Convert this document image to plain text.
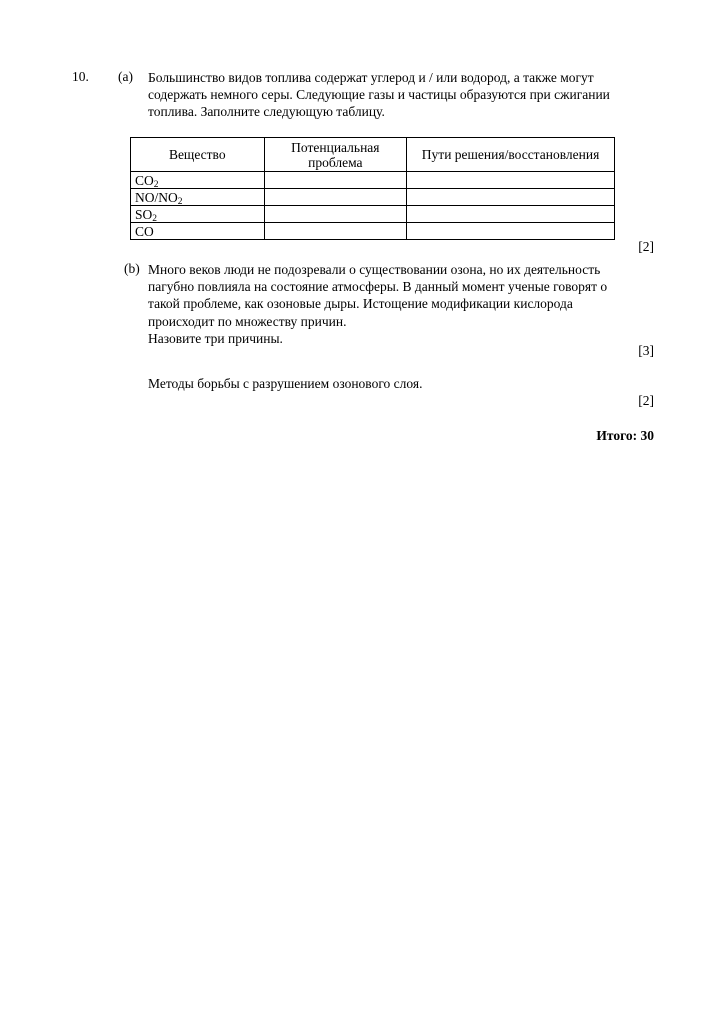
10. (a) Большинство видов топлива содержат углерод и / или водород, а также могут
содержать немного серы. Следующие газы и частицы образуются при сжигании
топлива. Заполните следующую таблицу.
Вещество	Потенциальная проблема	Пути решения/восстановления
$CO_2$		
$NO/NO_2$		
$SO_2$		
CO		
[2]
(b) Много веков люди не подозревали о существовании озона, но их деятельность
пагубно повлияла на состояние атмосферы. В данный момент ученые говорят о
такой проблеме, как озоновые дыры. Истощение модификации кислорода
происходит по множеству причин.
Назовите три причины.
[3]
Методы борьбы с разрушением озонового слоя.
[2]
Итого: 30
